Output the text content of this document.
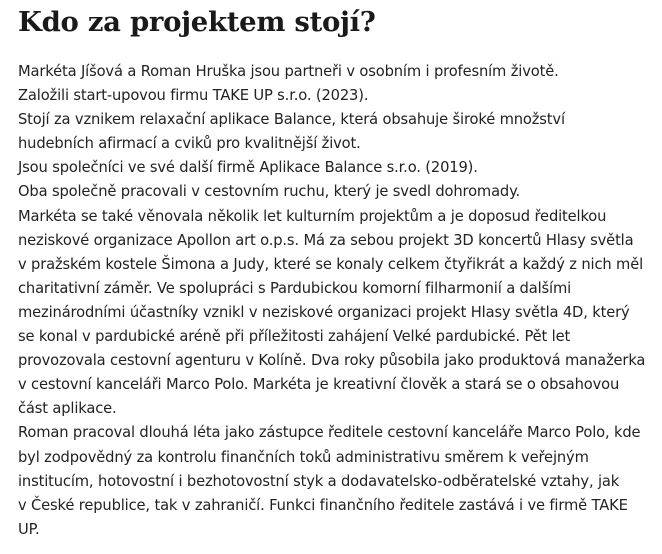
Kdo za projektem stojí?
Markéta Jíšová a Roman Hruška jsou partneři v osobním i profesním životě.
Založili start-upovou firmu TAKE UP s.r.o. (2023).
Stojí za vznikem relaxační aplikace Balance, která obsahuje široké množství
hudebních afirmací a cviků pro kvalitnější život.
Jsou společníci ve své další firmě Aplikace Balance s.r.o. (2019).
Oba společně pracovali v cestovním ruchu, který je svedl dohromady.
Markéta se také věnovala několik let kulturním projektům a je doposud ředitelkou
neziskové organizace Apollon art o.p.s. Má za sebou projekt 3D koncertů Hlasy světla
v pražském kostele Šimona a Judy, které se konaly celkem čtyřikrát a každý z nich měl
charitativní záměr. Ve spolupráci s Pardubickou komorní filharmonií a dalšími
mezinárodními účastníky vznikl v neziskové organizaci projekt Hlasy světla 4D, který
se konal v pardubické aréně při příležitosti zahájení Velké pardubické. Pět let
provozovala cestovní agenturu v Kolíně. Dva roky působila jako produktová manažerka
v cestovní kanceláři Marco Polo. Markéta je kreativní člověk a stará se o obsahovou
část aplikace.
Roman pracoval dlouhá léta jako zástupce ředitele cestovní kanceláře Marco Polo, kde
byl zodpovědný za kontrolu finančních toků administrativu směrem k veřejným
institucím, hotovostní i bezhotovostní styk a dodavatelsko-odběratelské vztahy, jak
v České republice, tak v zahraničí. Funkci finančního ředitele zastává i ve firmě TAKE
UP.
